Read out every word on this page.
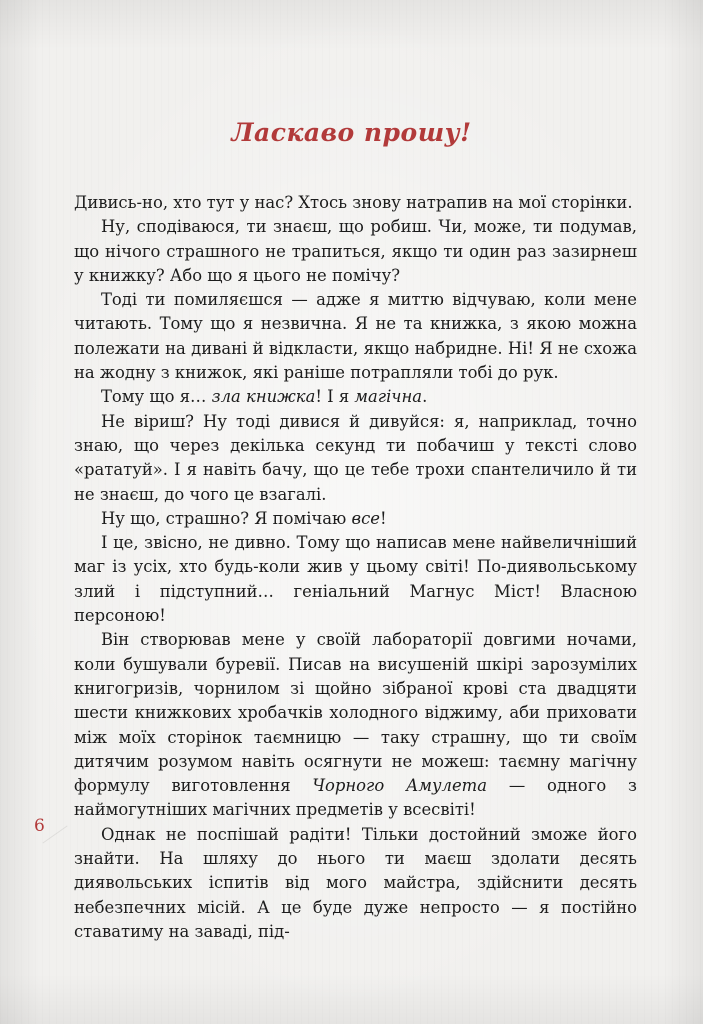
Ласкаво прошу!

Дивись-но, хто тут у нас? Хтось знову натрапив на мої сторінки.

Ну, сподіваюся, ти знаєш, що робиш. Чи, може, ти подумав, що нічого страшного не трапиться, якщо ти один раз зазирнеш у книжку? Або що я цього не помічу?

Тоді ти помиляєшся — адже я миттю відчуваю, коли мене читають. Тому що я незвична. Я не та книжка, з якою можна полежати на дивані й відкласти, якщо набридне. Ні! Я не схожа на жодну з книжок, які раніше потрапляли тобі до рук.

Тому що я… зла книжка! І я магічна.

Не віриш? Ну тоді дивися й дивуйся: я, наприклад, точно знаю, що через декілька секунд ти побачиш у тексті слово «рататуй». І я навіть бачу, що це тебе трохи спантеличило й ти не знаєш, до чого це взагалі.

Ну що, страшно? Я помічаю все!

І це, звісно, не дивно. Тому що написав мене найвеличніший маг із усіх, хто будь-коли жив у цьому світі! По-диявольському злий і підступний… геніальний Магнус Міст! Власною персоною!

Він створював мене у своїй лабораторії довгими ночами, коли бушували буревії. Писав на висушеній шкірі зарозумілих книгогризів, чорнилом зі щойно зібраної крові ста двадцяти шести книжкових хробачків холодного віджиму, аби приховати між моїх сторінок таємницю — таку страшну, що ти своїм дитячим розумом навіть осягнути не можеш: таємну магічну формулу виготовлення Чорного Амулета — одного з наймогутніших магічних предметів у всесвіті!

Однак не поспішай радіти! Тільки достойний зможе його знайти. На шляху до нього ти маєш здолати десять диявольських іспитів від мого майстра, здійснити десять небезпечних місій. А це буде дуже непросто — я постійно ставатиму на заваді, під-

6
